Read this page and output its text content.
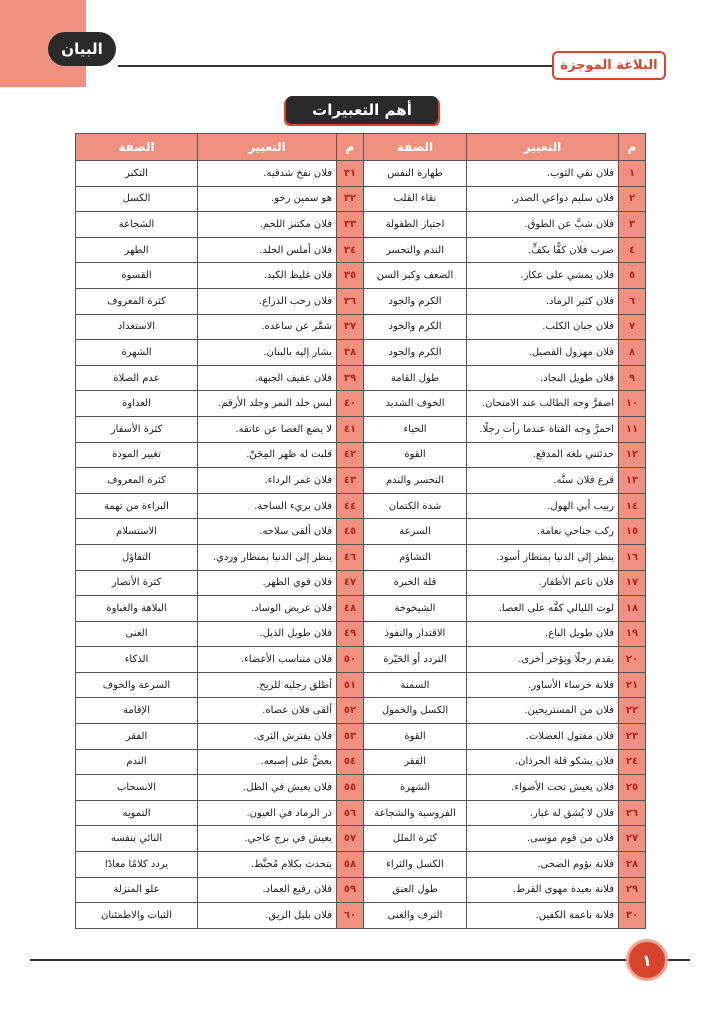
البيان
البلاغة الموجزة
أهم التعبيرات
م	التعبير	الصفة	م	التعبير	الصفة
١	فلان نقي الثوب.	طهارة النفس	٣١	فلان نفخ شدقيه.	التكبر
٢	فلان سليم دواعي الصدر.	نقاء القلب	٣٢	هو سمين رخو.	الكسل
٣	فلان شبَّ عن الطوق.	اجتياز الطفولة	٣٣	فلان مكتنز اللحم.	الشجاعة
٤	ضرب فلان كفًّا بكفٍّ.	الندم والتحسر	٣٤	فلان أملس الجلد.	الطهر
٥	فلان يمشي على عكاز.	الضعف وكبر السن	٣٥	فلان غليظ الكبد.	القسوة
٦	فلان كثير الرماد.	الكرم والجود	٣٦	فلان رحب الذراع.	كثرة المعروف
٧	فلان جبان الكلب.	الكرم والجود	٣٧	شمَّر عن ساعده.	الاستعداد
٨	فلان مهزول الفصيل.	الكرم والجود	٣٨	يشار إليه بالبنان.	الشهرة
٩	فلان طويل النجاد.	طول القامة	٣٩	فلان عفيف الجبهة.	عدم الصلاة
١٠	اصفرَّ وجه الطالب عند الامتحان.	الخوف الشديد	٤٠	لبس جلد النمر وجلد الأرقم.	العداوة
١١	احمرَّ وجه الفتاة عندما رأت رجلًا.	الحياء	٤١	لا يضع العصا عن عاتقه.	كثرة الأسفار
١٢	حدثتني بلغة المدفع.	القوة	٤٢	قلبت له ظهر المِجَنّ.	تغيير المودة
١٣	قرع فلان سنَّه.	التحسر والندم	٤٣	فلان غمر الرداء.	كثرة المعروف
١٤	ربيب أبي الهول.	شدة الكتمان	٤٤	فلان بريء الساحة.	البراءة من تهمة
١٥	ركب جناحي نعامة.	السرعة	٤٥	فلان ألقى سلاحه.	الاستسلام
١٦	ينظر إلى الدنيا بمنظار أسود.	التشاؤم	٤٦	ينظر إلى الدنيا بمنظار وردي.	التفاؤل
١٧	فلان ناعم الأظفار.	قلة الخبرة	٤٧	فلان قوي الظهر.	كثرة الأنصار
١٨	لوت الليالي كفَّه على العصا.	الشيخوخة	٤٨	فلان عريض الوساد.	البلاهة والغباوة
١٩	فلان طويل الباع.	الاقتدار والنفوذ	٤٩	فلان طويل الذيل.	الغنى
٢٠	يقدم رجلًا ويؤخر أخرى.	التردد أو الحَيْرة	٥٠	فلان متناسب الأعضاء.	الذكاء
٢١	فلانة خرساء الأساور.	السمنة	٥١	أطلق رجليه للريح.	السرعة والخوف
٢٢	فلان من المستريحين.	الكسل والخمول	٥٢	ألقى فلان عصاه.	الإقامة
٢٣	فلان مفتول العضلات.	القوة	٥٣	فلان يفترش الثرى.	الفقر
٢٤	فلان يشكو قلة الجرذان.	الفقر	٥٤	يعضُّ على إصبعه.	الندم
٢٥	فلان يعيش تحت الأضواء.	الشهرة	٥٥	فلان يعيش في الظل.	الانسحاب
٢٦	فلان لا يُشق له غبار.	الفروسية والشجاعة	٥٦	ذر الرماد في العيون.	التمويه
٢٧	فلان من قوم موسى.	كثرة الملل	٥٧	يعيش في برج عاجي.	النائي بنفسه
٢٨	فلانة نؤوم الضحى.	الكسل والثراء	٥٨	يتحدث بكلام مُحنَّط.	يردد كلامًا معادًا
٢٩	فلانة بعيدة مهوى القرط.	طول العنق	٥٩	فلان رفيع العماد.	علو المنزلة
٣٠	فلانة ناعمة الكفين.	الترف والغنى	٦٠	فلان بليل الريق.	الثبات والاطمئنان
١
